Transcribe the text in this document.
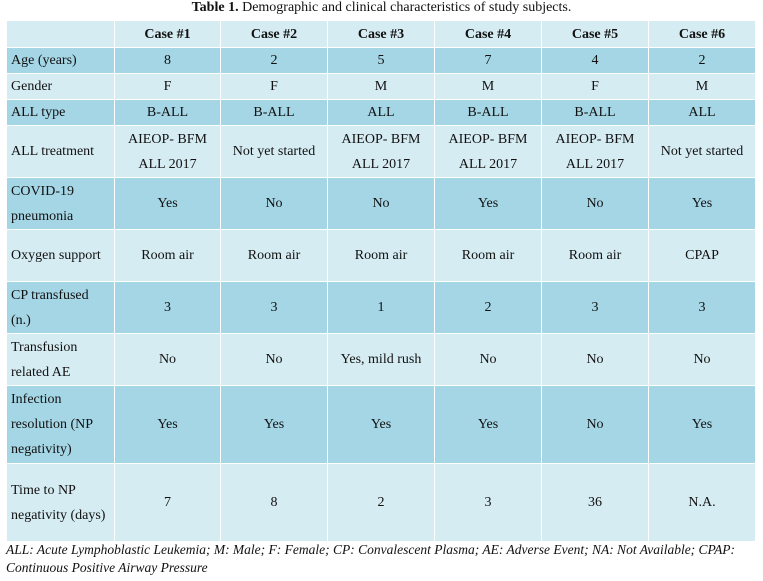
Table 1. Demographic and clinical characteristics of study subjects.
	Case #1	Case #2	Case #3	Case #4	Case #5	Case #6
Age (years)	8	2	5	7	4	2
Gender	F	F	M	M	F	M
ALL type	B-ALL	B-ALL	ALL	B-ALL	B-ALL	ALL
ALL treatment	AIEOP- BFM ALL 2017	Not yet started	AIEOP- BFM ALL 2017	AIEOP- BFM ALL 2017	AIEOP- BFM ALL 2017	Not yet started
COVID-19 pneumonia	Yes	No	No	Yes	No	Yes
Oxygen support	Room air	Room air	Room air	Room air	Room air	CPAP
CP transfused (n.)	3	3	1	2	3	3
Transfusion related AE	No	No	Yes, mild rush	No	No	No
Infection resolution (NP negativity)	Yes	Yes	Yes	Yes	No	Yes
Time to NP negativity (days)	7	8	2	3	36	N.A.
ALL: Acute Lymphoblastic Leukemia; M: Male; F: Female; CP: Convalescent Plasma; AE: Adverse Event; NA: Not Available; CPAP: Continuous Positive Airway Pressure
